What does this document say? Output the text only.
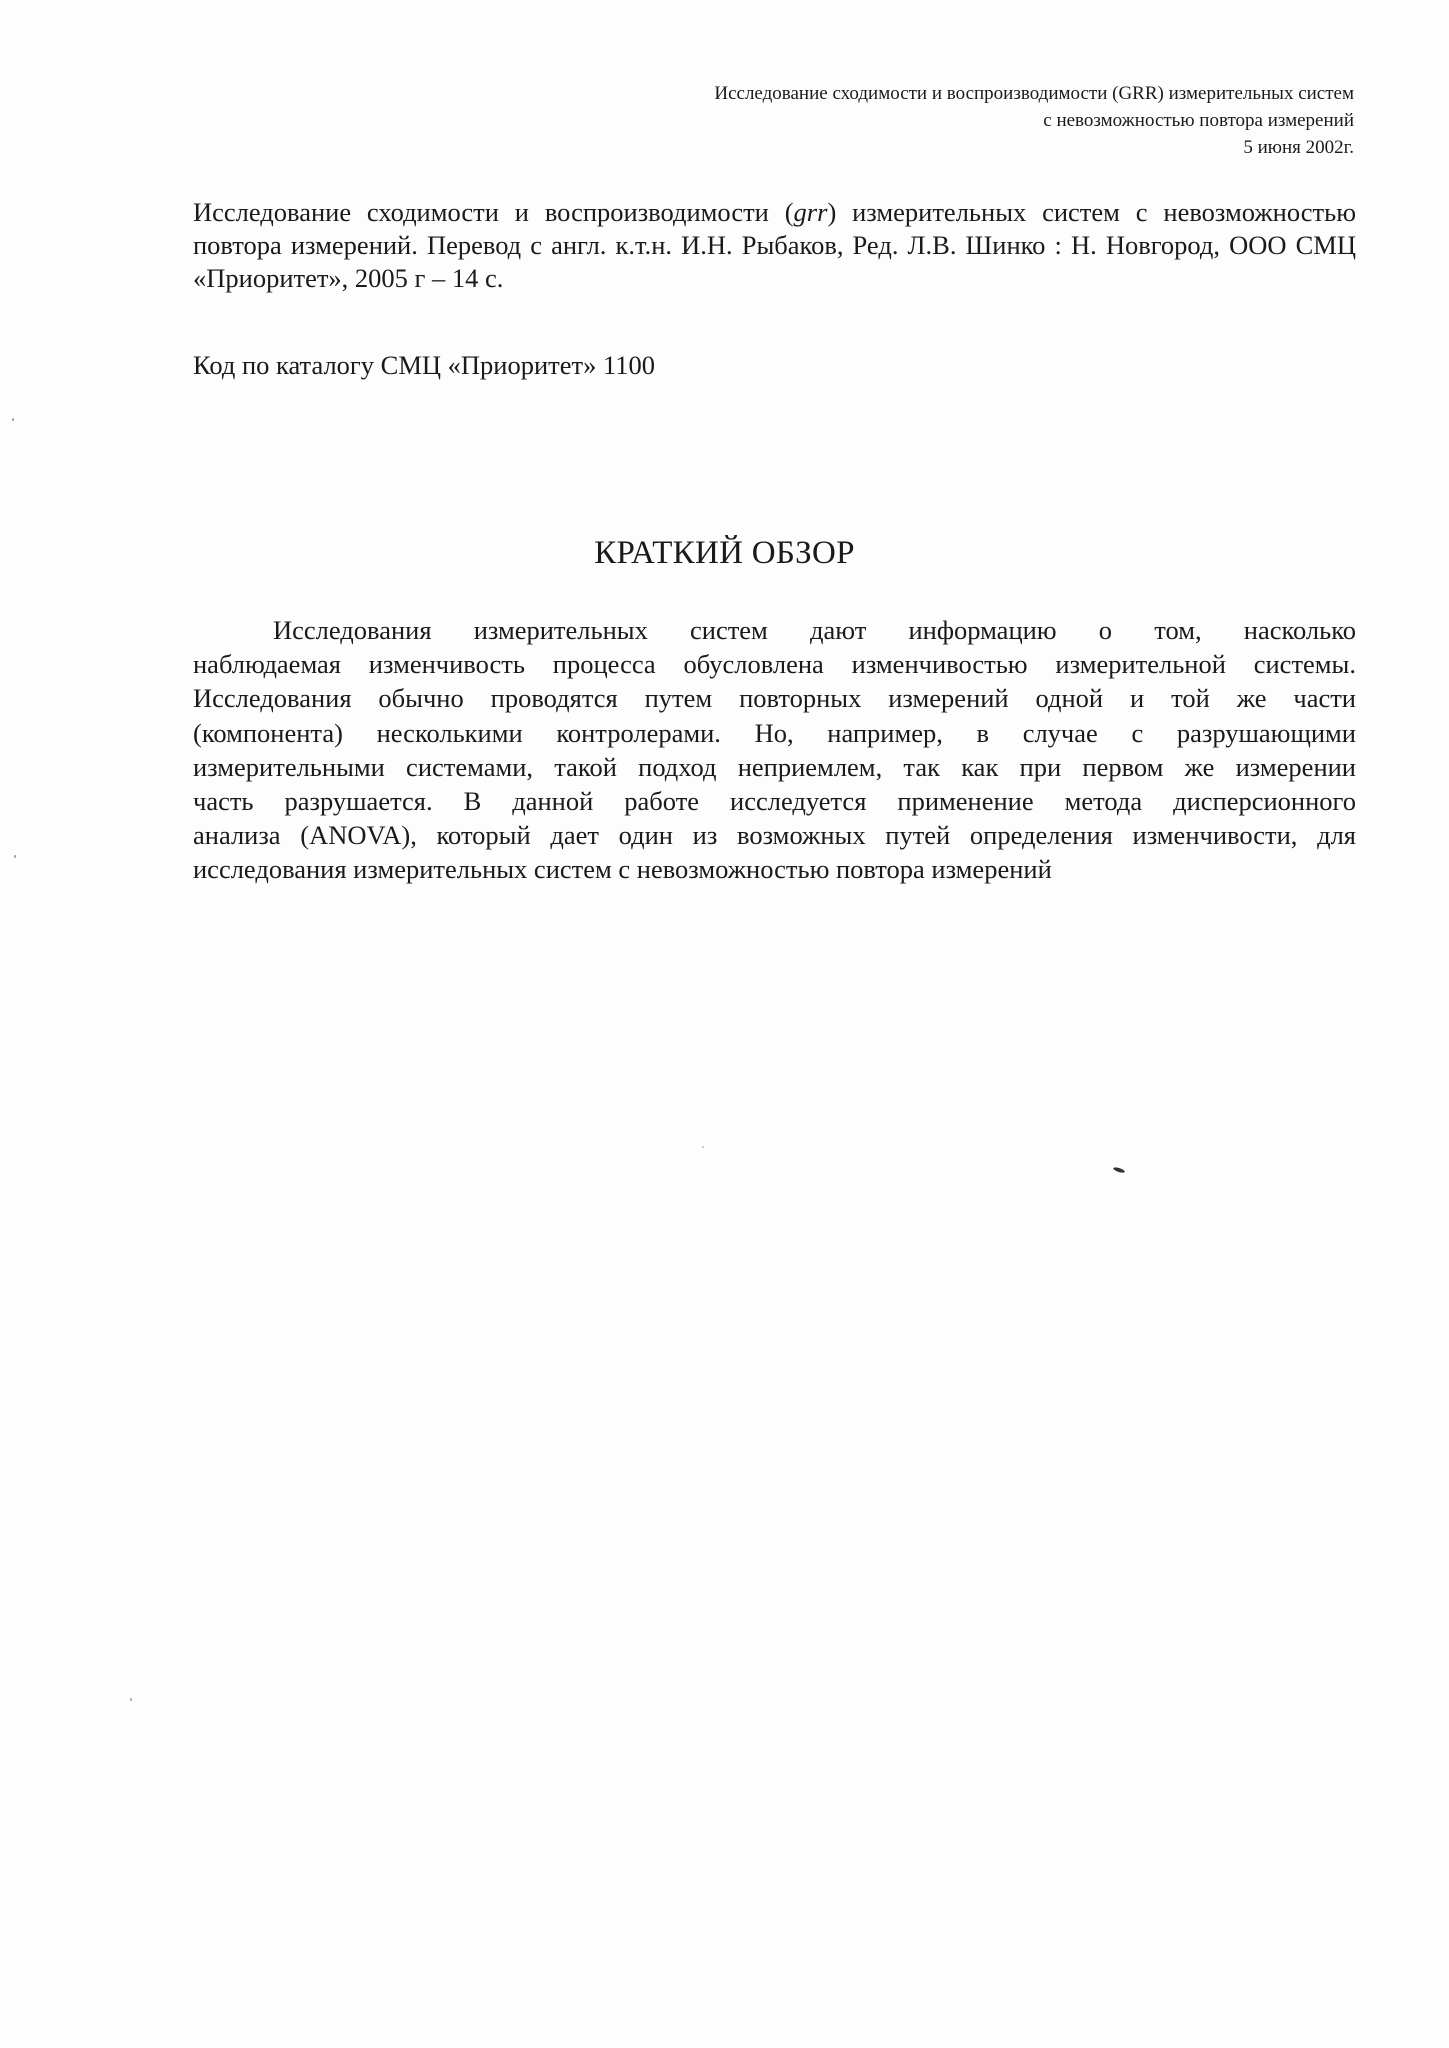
Исследование сходимости и воспроизводимости (GRR) измерительных систем
с невозможностью повтора измерений
5 июня 2002г.
Исследование сходимости и воспроизводимости (grr) измерительных систем с невозможностью
повтора измерений. Перевод с англ. к.т.н. И.Н. Рыбаков, Ред. Л.В. Шинко : Н. Новгород, ООО СМЦ
«Приоритет», 2005 г – 14 с.
Код по каталогу СМЦ «Приоритет» 1100
КРАТКИЙ ОБЗОР
Исследования измерительных систем дают информацию о том, насколько
наблюдаемая изменчивость процесса обусловлена изменчивостью измерительной системы.
Исследования обычно проводятся путем повторных измерений одной и той же части
(компонента) несколькими контролерами. Но, например, в случае с разрушающими
измерительными системами, такой подход неприемлем, так как при первом же измерении
часть разрушается. В данной работе исследуется применение метода дисперсионного
анализа (ANOVA), который дает один из возможных путей определения изменчивости, для
исследования измерительных систем с невозможностью повтора измерений
